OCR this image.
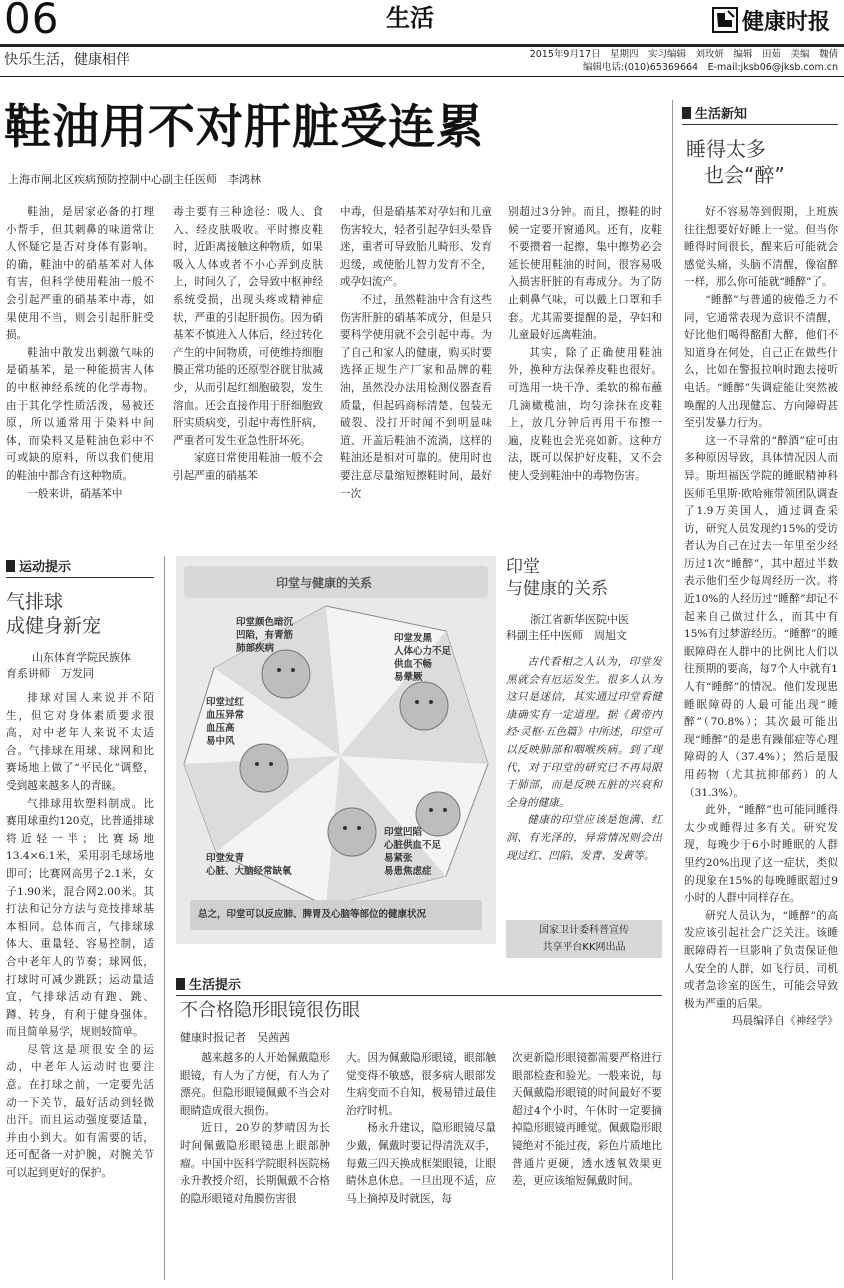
06	生活	健康时报
快乐生活，健康相伴	2015年9月17日　星期四　实习编辑　刘玫妍　编辑　田茹　美编　魏倩
编辑电话:(010)65369664　E-mail:jksb06@jksb.com.cn
鞋油用不对肝脏受连累
上海市闸北区疾病预防控制中心副主任医师　李鸿林

鞋油，是居家必备的打理小帮手，但其刺鼻的味道常让人怀疑它是否对身体有影响。的确，鞋油中的硝基苯对人体有害，但科学使用鞋油一般不会引起严重的硝基苯中毒，如果使用不当，则会引起肝脏受损。

鞋油中散发出刺激气味的是硝基苯，是一种能损害人体的中枢神经系统的化学毒物。由于其化学性质活泼，易被还原，所以通常用于染料中间体，而染料又是鞋油色彩中不可或缺的原料，所以我们使用的鞋油中都含有这种物质。

一般来讲，硝基苯中

毒主要有三种途径：吸人、食入、经皮肤吸收。平时擦皮鞋时，近距离接触这种物质，如果吸入人体或者不小心弄到皮肤上，时间久了，会导致中枢神经系统受损，出现头疼或精神症状，严重的引起肝损伤。因为硝基苯不慎进入人体后，经过转化产生的中间物质，可使维持细胞膜正常功能的还原型谷胱甘肽减少，从而引起红细胞破裂，发生溶血。还会直接作用于肝细胞致肝实质病变，引起中毒性肝病，严重者可发生亚急性肝坏死。

家庭日常使用鞋油一般不会引起严重的硝基苯

中毒，但是硝基苯对孕妇和儿童伤害较大，轻者引起孕妇头晕昏迷，重者可导致胎儿畸形、发育迟缓，或使胎儿智力发育不全，或孕妇流产。

不过，虽然鞋油中含有这些伤害肝脏的硝基苯成分，但是只要科学使用就不会引起中毒。为了自己和家人的健康，购买时要选择正规生产厂家和品牌的鞋油，虽然没办法用检测仪器查看质量，但起码商标清楚、包装无破裂、没打开时闻不到明显味道、开盖后鞋油不流淌，这样的鞋油还是相对可靠的。使用时也要注意尽量缩短擦鞋时间，最好一次

别超过3分钟。而且，擦鞋的时候一定要开窗通风。还有，皮鞋不要攒着一起擦，集中擦势必会延长使用鞋油的时间，很容易吸入损害肝脏的有毒成分。为了防止刺鼻气味，可以戴上口罩和手套。尤其需要提醒的是，孕妇和儿童最好远离鞋油。

其实，除了正确使用鞋油外，换种方法保养皮鞋也很好。可选用一块干净、柔软的棉布蘸几滴橄榄油，均匀涂抹在皮鞋上，放几分钟后再用干布擦一遍，皮鞋也会光亮如新。这种方法，既可以保护好皮鞋，又不会使人受到鞋油中的毒物伤害。

生活新知
睡得太多
也会“醉”

好不容易等到假期，上班族往往想要好好睡上一觉。但当你睡得时间很长，醒来后可能就会感觉头痛，头脑不清醒，像宿醉一样，那么你可能就“睡醉”了。

“睡醉”与普通的疲倦乏力不同，它通常表现为意识不清醒，好比他们喝得酩酊大醉，他们不知道身在何处，自己正在做些什么，比如在警报拉响时跑去接听电话。“睡醉”失调症能让突然被唤醒的人出现健忘、方向障碍甚至引发暴力行为。

这一不寻常的“醉酒”症可由多种原因导致，具体情况因人而异。斯坦福医学院的睡眠精神科医师毛里斯·欧哈雍带领团队调查了1.9万美国人，通过调查采访，研究人员发现约15%的受访者认为自己在过去一年里至少经历过1次“睡醉”，其中超过半数表示他们至少每周经历一次。将近10%的人经历过“睡醉”却记不起来自己做过什么，而其中有15%有过梦游经历。“睡醉”的睡眠障碍在人群中的比例比人们以往预期的要高，每7个人中就有1人有“睡醉”的情况。他们发现患睡眠障碍的人最可能出现“睡醉”（70.8%）；其次最可能出现“睡醉”的是患有躁郁症等心理障碍的人（37.4%）；然后是服用药物（尤其抗抑郁药）的人（31.3%）。

此外，“睡醉”也可能同睡得太少或睡得过多有关。研究发现，每晚少于6小时睡眠的人群里约20%出现了这一症状，类似的现象在15%的每晚睡眠超过9小时的人群中同样存在。

研究人员认为，“睡醉”的高发应该引起社会广泛关注。该睡眠障碍若一旦影响了负责保证他人安全的人群，如飞行员、司机或者急诊室的医生，可能会导致极为严重的后果。

玛晨编译自《神经学》

运动提示
气排球
成健身新宠
山东体育学院民族体
育系讲师　万发同

排球对国人来说并不陌生，但它对身体素质要求很高，对中老年人来说不太适合。气排球在用球、球网和比赛场地上做了“平民化”调整，受到越来越多人的青睐。

气排球用软塑料制成。比赛用球重约120克，比普通排球将近轻一半；比赛场地13.4×6.1米，采用羽毛球场地即可；比赛网高男子2.1米，女子1.90米，混合网2.00米。其打法和记分方法与竞技排球基本相同。总体而言，气排球球体大、重量轻、容易控制，适合中老年人的节奏；球网低，打球时可减少跳跃；运动量适宜，气排球活动有跑、跳、蹲、转身，有利于健身强体。而且简单易学，规则较简单。

尽管这是项很安全的运动，中老年人运动时也要注意。在打球之前，一定要先活动一下关节，最好活动到轻微出汗。而且运动强度要适量，并由小到大。如有需要的话，还可配备一对护腕，对腕关节可以起到更好的保护。

印堂与健康的关系
印堂颜色暗沉
凹陷，有青筋
肺部疾病
印堂发黑
人体心力不足
供血不畅
易晕厥
印堂过红
血压异常
血压高
易中风
印堂凹陷
心脏供血不足
易紧张
易患焦虑症
印堂发青
心脏、大脑经常缺氧
总之，印堂可以反应肺、脾胃及心脑等部位的健康状况
印堂
与健康的关系
浙江省新华医院中医
科副主任中医师　周旭文

古代看相之人认为，印堂发黑就会有厄运发生。很多人认为这只是迷信，其实通过印堂看健康确实有一定道理。据《黄帝内经·灵枢·五色篇》中所述，印堂可以反映肺部和咽喉疾病。到了现代，对于印堂的研究已不再局限于肺部，而是反映五脏的兴衰和全身的健康。

健康的印堂应该是饱满、红润、有光泽的，异常情况则会出现过红、凹陷、发青、发黄等。

国家卫计委科普宣传
共享平台KK网出品
生活提示
不合格隐形眼镜很伤眼
健康时报记者　吴茜茜

越来越多的人开始佩戴隐形眼镜，有人为了方便，有人为了漂亮。但隐形眼镜佩戴不当会对眼睛造成很大损伤。

近日，20岁的梦晴因为长时间佩戴隐形眼镜患上眼部肿瘤。中国中医科学院眼科医院杨永升教授介绍，长期佩戴不合格的隐形眼镜对角膜伤害很

大。因为佩戴隐形眼镜，眼部触觉变得不敏感，很多病人眼部发生病变而不自知，极易错过最佳治疗时机。

杨永升建议，隐形眼镜尽量少戴，佩戴时要记得清洗双手，每戴三四天换成框架眼镜，让眼睛休息休息。一旦出现不适，应马上摘掉及时就医，每

次更新隐形眼镜都需要严格进行眼部检查和验光。一般来说，每天佩戴隐形眼镜的时间最好不要超过4个小时，午休时一定要摘掉隐形眼镜再睡觉。佩戴隐形眼镜绝对不能过夜，彩色片质地比普通片更硬，透水透氧效果更差，更应该缩短佩戴时间。
